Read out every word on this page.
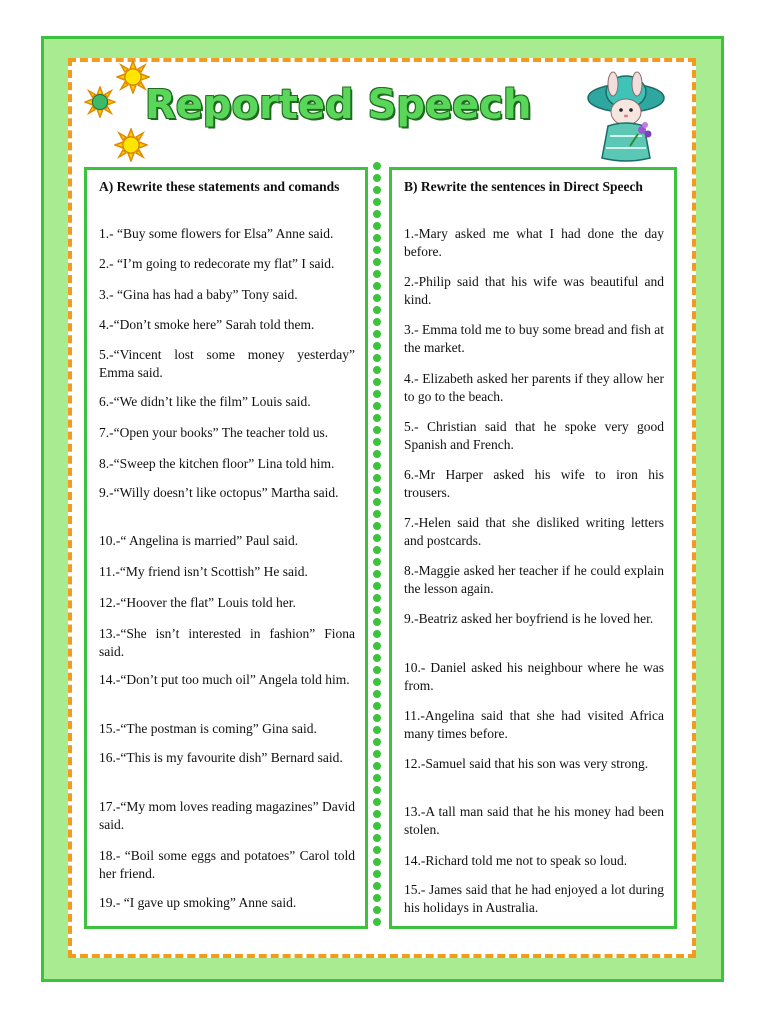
Reported Speech
A) Rewrite these statements and comands
1.- “Buy some flowers for Elsa” Anne said.
2.- “I’m going to redecorate my flat” I said.
3.- “Gina has had a baby” Tony said.
4.-“Don’t smoke here” Sarah told them.
5.-“Vincent lost some money yesterday” Emma said.
6.-“We didn’t like the film” Louis said.
7.-“Open your books” The teacher told us.
8.-“Sweep the kitchen floor” Lina told him.
9.-“Willy doesn’t like octopus” Martha said.
10.-“ Angelina is married” Paul said.
11.-“My friend isn’t Scottish” He said.
12.-“Hoover the flat” Louis told her.
13.-“She isn’t interested in fashion” Fiona said.
14.-“Don’t put too much oil” Angela told him.
15.-“The postman is coming” Gina said.
16.-“This is my favourite dish” Bernard said.
17.-“My mom loves reading magazines” David said.
18.- “Boil some eggs and potatoes” Carol told her friend.
19.- “I gave up smoking” Anne said.
B) Rewrite the sentences in Direct Speech
1.-Mary asked me what I had done the day before.
2.-Philip said that his wife was beautiful and kind.
3.- Emma told me to buy some bread and fish at the market.
4.- Elizabeth asked her parents if they allow her to go to the beach.
5.- Christian said that he spoke very good Spanish and French.
6.-Mr Harper asked his wife to iron his trousers.
7.-Helen said that she disliked writing letters and postcards.
8.-Maggie asked her teacher if he could explain the lesson again.
9.-Beatriz asked her boyfriend is he loved her.
10.- Daniel asked his neighbour where he was from.
11.-Angelina said that she had visited Africa many times before.
12.-Samuel said that his son was very strong.
13.-A tall man said that he his money had been stolen.
14.-Richard told me not to speak so loud.
15.- James said that he had enjoyed a lot during his holidays in Australia.
